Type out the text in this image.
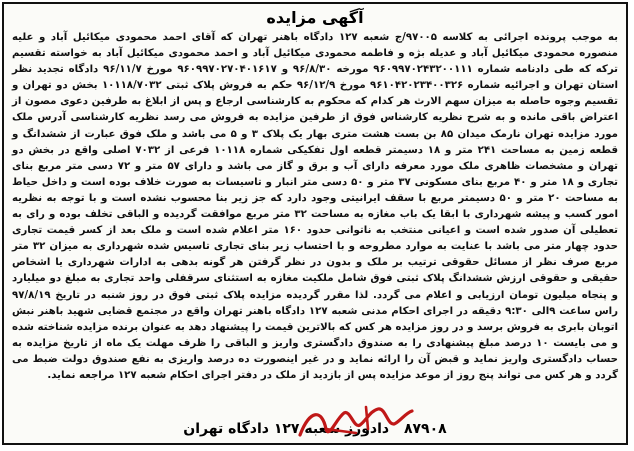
آگهی مزایده

به موجب پرونده اجرائی به کلاسه ۹۷۰۰۵/ج شعبه ۱۲۷ دادگاه باهنر تهران که آقای احمد محمودی میکائیل آباد و علیه منصوره محمودی میکائیل آباد و عدیله بژه و فاطمه محمودی میکائیل آباد و احمد محمودی میکائیل آباد به خواسته تقسیم ترکه که طی دادنامه شماره ۹۶۰۹۹۷۰۲۴۳۲۰۰۱۱۱ مورخه ۹۶/۸/۳۰ و ۹۶۰۹۹۷۰۲۷۰۴۰۱۶۱۷ مورخ ۹۶/۱۱/۷ دادگاه تجدید نظر استان تهران و اجرائیه شماره ۹۶۱۰۴۲۰۲۳۴۰۰۳۲۶ مورخ ۹۶/۱۲/۹ حکم به فروش پلاک ثبتی ۱۰۱۱۸/۷۰۳۲ بخش دو تهران و تقسیم وجوه حاصله به میزان سهم الارث هر کدام که محکوم به کارشناسی ارجاع و پس از ابلاغ به طرفین دعوی مصون از اعتراض باقی مانده و به شرح نظریه کارشناس فوق از طرفین مزایده به فروش می رسد نظریه کارشناسی آدرس ملک مورد مزایده تهران نارمک میدان ۸۵ بن بست هشت متری بهار یک پلاک ۳ و ۵ می باشد و ملک فوق عبارت از ششدانگ و قطعه زمین به مساحت ۲۴۱ متر و ۱۸ دسیمتر قطعه اول تفکیکی شماره ۱۰۱۱۸ فرعی از ۷۰۳۲ اصلی واقع در بخش دو تهران و مشخصات ظاهری ملک مورد معرفه دارای آب و برق و گاز می باشد و دارای ۵۷ متر و ۷۲ دسی متر مربع بنای تجاری و ۱۸ متر و ۴۰ مربع بنای مسکونی ۳۷ متر و ۵۰ دسی متر انبار و تاسیسات به صورت خلاف بوده است و داخل حیاط به مساحت ۲۰ متر و ۵۰ دسیمتر مربع با سقف ایرانیتی وجود دارد که جز زیر بنا محسوب نشده است و با توجه به نظریه امور کسب و پیشه شهرداری با ابقا یک باب مغازه به مساحت ۳۲ متر مربع موافقت گردیده و الباقی تخلف بوده و رای به تعطیلی آن صدور شده است و اعیانی منتخب به ناتوانی حدود ۱۶۰ متر اعلام شده است و ملک بعد از کسر قیمت تجاری حدود چهار متر می باشد با عنایت به موارد مطروحه و با احتساب زیر بنای تجاری تاسیس شده شهرداری به میزان ۳۲ متر مربع صرف نظر از مسائل حقوقی ترتیب بر ملک و بدون در نظر گرفتن هر گونه بدهی به ادارات شهرداری یا اشخاص حقیقی و حقوقی ارزش ششدانگ پلاک ثبتی فوق شامل ملکیت مغازه به استثنای سرقفلی واحد تجاری به مبلغ دو میلیارد و پنجاه میلیون تومان ارزیابی و اعلام می گردد. لذا مقرر گردیده مزایده پلاک ثبتی فوق در روز شنبه در تاریخ ۹۷/۸/۱۹ راس ساعت ۹الی ۹:۳۰ دقیقه در اجرای احکام مدنی شعبه ۱۲۷ دادگاه باهنر تهران واقع در مجتمع قضایی شهید باهنر نبش اتوبان بابری به فروش برسد و در روز مزایده هر کس که بالاترین قیمت را پیشنهاد دهد به عنوان برنده مزایده شناخته شده و می بایست ۱۰ درصد مبلغ پیشنهادی را به صندوق دادگستری واریز و الباقی را ظرف مهلت یک ماه از تاریخ مزایده به حساب دادگستری واریز نماید و قبض آن را ارائه نماید و در غیر اینصورت ده درصد واریزی به نفع صندوق دولت ضبط می گردد و هر کس می تواند پنج روز از موعد مزایده پس از بازدید از ملک در دفتر اجرای احکام شعبه ۱۲۷ مراجعه نماید.

۸۷۹۰۸ دادورز شعبه ۱۲۷ دادگاه تهران
